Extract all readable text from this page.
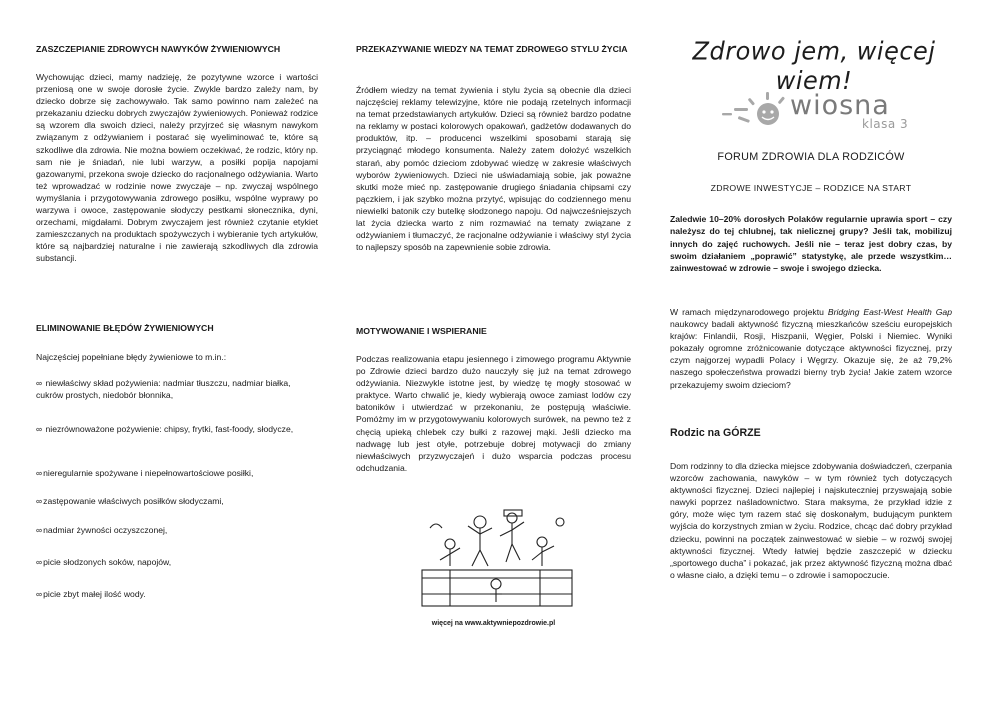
ZASZCZEPIANIE ZDROWYCH NAWYKÓW ŻYWIENIOWYCH

Wychowując dzieci, mamy nadzieję, że pozytywne wzorce i wartości przeniosą one w swoje dorosłe życie. Zwykle bardzo zależy nam, by dziecko dobrze się zachowywało. Tak samo powinno nam zależeć na przekazaniu dziecku dobrych zwyczajów żywieniowych. Ponieważ rodzice są wzorem dla swoich dzieci, należy przyjrzeć się własnym nawykom związanym z odżywianiem i postarać się wyeliminować te, które są szkodliwe dla zdrowia. Nie można bowiem oczekiwać, że rodzic, który np. sam nie je śniadań, nie lubi warzyw, a posiłki popija napojami gazowanymi, przekona swoje dziecko do racjonalnego odżywiania. Warto też wprowadzać w rodzinie nowe zwyczaje – np. zwyczaj wspólnego wymyślania i przygotowywania zdrowego posiłku, wspólne wyprawy po warzywa i owoce, zastępowanie słodyczy pestkami słonecznika, dyni, orzechami, migdałami. Dobrym zwyczajem jest również czytanie etykiet zamieszczanych na produktach spożywczych i wybieranie tych artykułów, które są najbardziej naturalne i nie zawierają szkodliwych dla zdrowia substancji.

ELIMINOWANIE BŁĘDÓW ŻYWIENIOWYCH

Najczęściej popełniane błędy żywieniowe to m.in.:

∞ niewłaściwy skład pożywienia: nadmiar tłuszczu, nadmiar białka, cukrów prostych, niedobór błonnika,

∞ niezrównoważone pożywienie: chipsy, frytki, fast-foody, słodycze,

∞nieregularnie spożywane i niepełnowartościowe posiłki,

∞zastępowanie właściwych posiłków słodyczami,

∞nadmiar żywności oczyszczonej,

∞picie słodzonych soków, napojów,

∞picie zbyt małej ilość wody.

PRZEKAZYWANIE WIEDZY NA TEMAT ZDROWEGO STYLU ŻYCIA

Źródłem wiedzy na temat żywienia i stylu życia są obecnie dla dzieci najczęściej reklamy telewizyjne, które nie podają rzetelnych informacji na temat przedstawianych artykułów. Dzieci są również bardzo podatne na reklamy w postaci kolorowych opakowań, gadżetów dodawanych do produktów, itp. – producenci wszelkimi sposobami starają się przyciągnąć młodego konsumenta. Należy zatem dołożyć wszelkich starań, aby pomóc dzieciom zdobywać wiedzę w zakresie właściwych wyborów żywieniowych. Dzieci nie uświadamiają sobie, jak poważne skutki może mieć np. zastępowanie drugiego śniadania chipsami czy pączkiem, i jak szybko można przytyć, wpisując do codziennego menu niewielki batonik czy butelkę słodzonego napoju. Od najwcześniejszych lat życia dziecka warto z nim rozmawiać na tematy związane z odżywianiem i tłumaczyć, że racjonalne odżywianie i właściwy styl życia to najlepszy sposób na zapewnienie sobie zdrowia.

MOTYWOWANIE I WSPIERANIE

Podczas realizowania etapu jesiennego i zimowego programu Aktywnie po Zdrowie dzieci bardzo dużo nauczyły się już na temat zdrowego odżywiania. Niezwykle istotne jest, by wiedzę tę mogły stosować w praktyce. Warto chwalić je, kiedy wybierają owoce zamiast lodów czy batoników i utwierdzać w przekonaniu, że postępują właściwie. Pomóżmy im w przygotowywaniu kolorowych surówek, na pewno też z chęcią upieką chlebek czy bułki z razowej mąki. Jeśli dziecko ma nadwagę lub jest otyłe, potrzebuje dobrej motywacji do zmiany niewłaściwych przyzwyczajeń i dużo wsparcia podczas procesu odchudzania.

więcej na www.aktywniepozdrowie.pl
Zdrowo jem, więcej wiem!
wiosna
klasa 3
FORUM ZDROWIA DLA RODZICÓW
ZDROWE INWESTYCJE – RODZICE NA START

Zaledwie 10–20% dorosłych Polaków regularnie uprawia sport – czy należysz do tej chlubnej, tak nielicznej grupy? Jeśli tak, mobilizuj innych do zajęć ruchowych. Jeśli nie – teraz jest dobry czas, by swoim działaniem „poprawić” statystykę, ale przede wszystkim… zainwestować w zdrowie – swoje i swojego dziecka.

W ramach międzynarodowego projektu Bridging East-West Health Gap naukowcy badali aktywność fizyczną mieszkańców sześciu europejskich krajów: Finlandii, Rosji, Hiszpanii, Węgier, Polski i Niemiec. Wyniki pokazały ogromne zróżnicowanie dotyczące aktywności fizycznej, przy czym najgorzej wypadli Polacy i Węgrzy. Okazuje się, że aż 79,2% naszego społeczeństwa prowadzi bierny tryb życia! Jakie zatem wzorce przekazujemy swoim dzieciom?

Rodzic na GÓRZE

Dom rodzinny to dla dziecka miejsce zdobywania doświadczeń, czerpania wzorców zachowania, nawyków – w tym również tych dotyczących aktywności fizycznej. Dzieci najlepiej i najskuteczniej przyswajają sobie nawyki poprzez naśladownictwo. Stara maksyma, że przykład idzie z góry, może więc tym razem stać się doskonałym, budującym punktem wyjścia do korzystnych zmian w życiu. Rodzice, chcąc dać dobry przykład dziecku, powinni na początek zainwestować w siebie – w rozwój swojej aktywności fizycznej. Wtedy łatwiej będzie zaszczepić w dziecku „sportowego ducha” i pokazać, jak przez aktywność fizyczną można dbać o własne ciało, a dzięki temu – o zdrowie i samopoczucie.
